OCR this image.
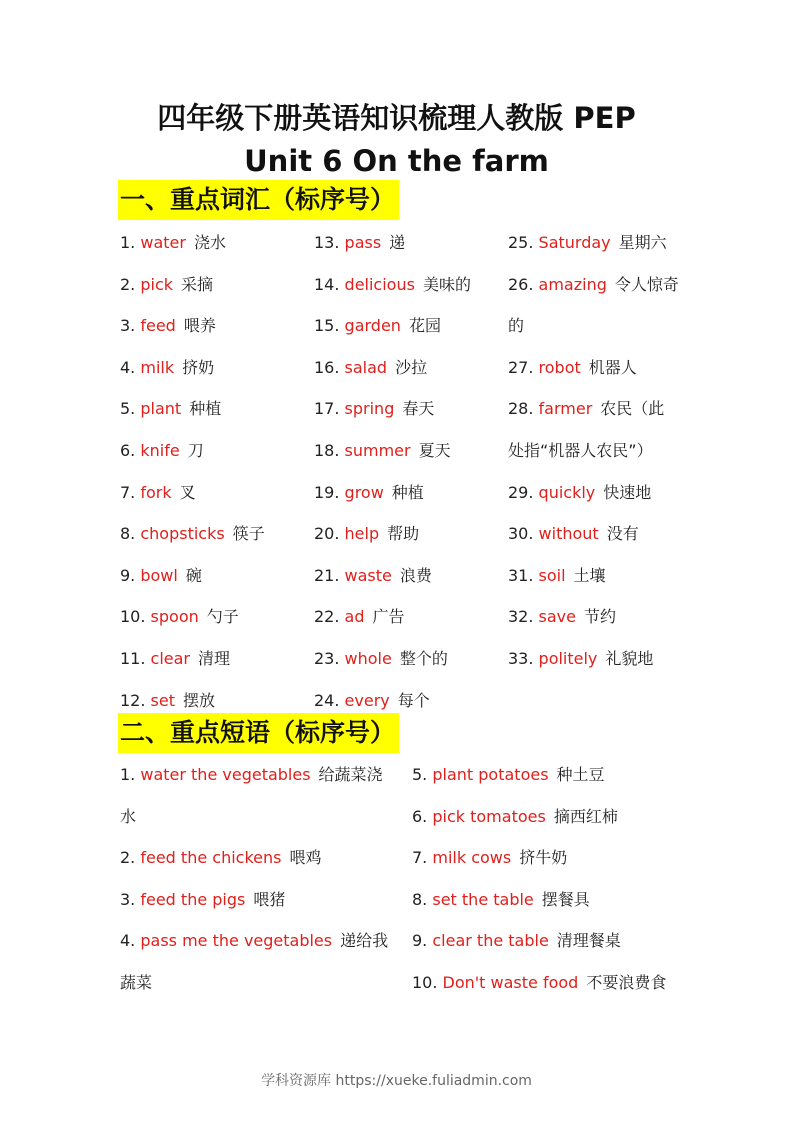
四年级下册英语知识梳理人教版 PEP
Unit 6 On the farm
一、重点词汇（标序号）
1. water 浇水
2. pick 采摘
3. feed 喂养
4. milk 挤奶
5. plant 种植
6. knife 刀
7. fork 叉
8. chopsticks 筷子
9. bowl 碗
10. spoon 勺子
11. clear 清理
12. set 摆放
13. pass 递
14. delicious 美味的
15. garden 花园
16. salad 沙拉
17. spring 春天
18. summer 夏天
19. grow 种植
20. help 帮助
21. waste 浪费
22. ad 广告
23. whole 整个的
24. every 每个
25. Saturday 星期六
26. amazing 令人惊奇的
27. robot 机器人
28. farmer 农民（此处指“机器人农民”）
29. quickly 快速地
30. without 没有
31. soil 土壤
32. save 节约
33. politely 礼貌地
二、重点短语（标序号）
1. water the vegetables 给蔬菜浇水
2. feed the chickens 喂鸡
3. feed the pigs 喂猪
4. pass me the vegetables 递给我蔬菜
5. plant potatoes 种土豆
6. pick tomatoes 摘西红柿
7. milk cows 挤牛奶
8. set the table 摆餐具
9. clear the table 清理餐桌
10. Don't waste food 不要浪费食
学科资源库 https://xueke.fuliadmin.com
